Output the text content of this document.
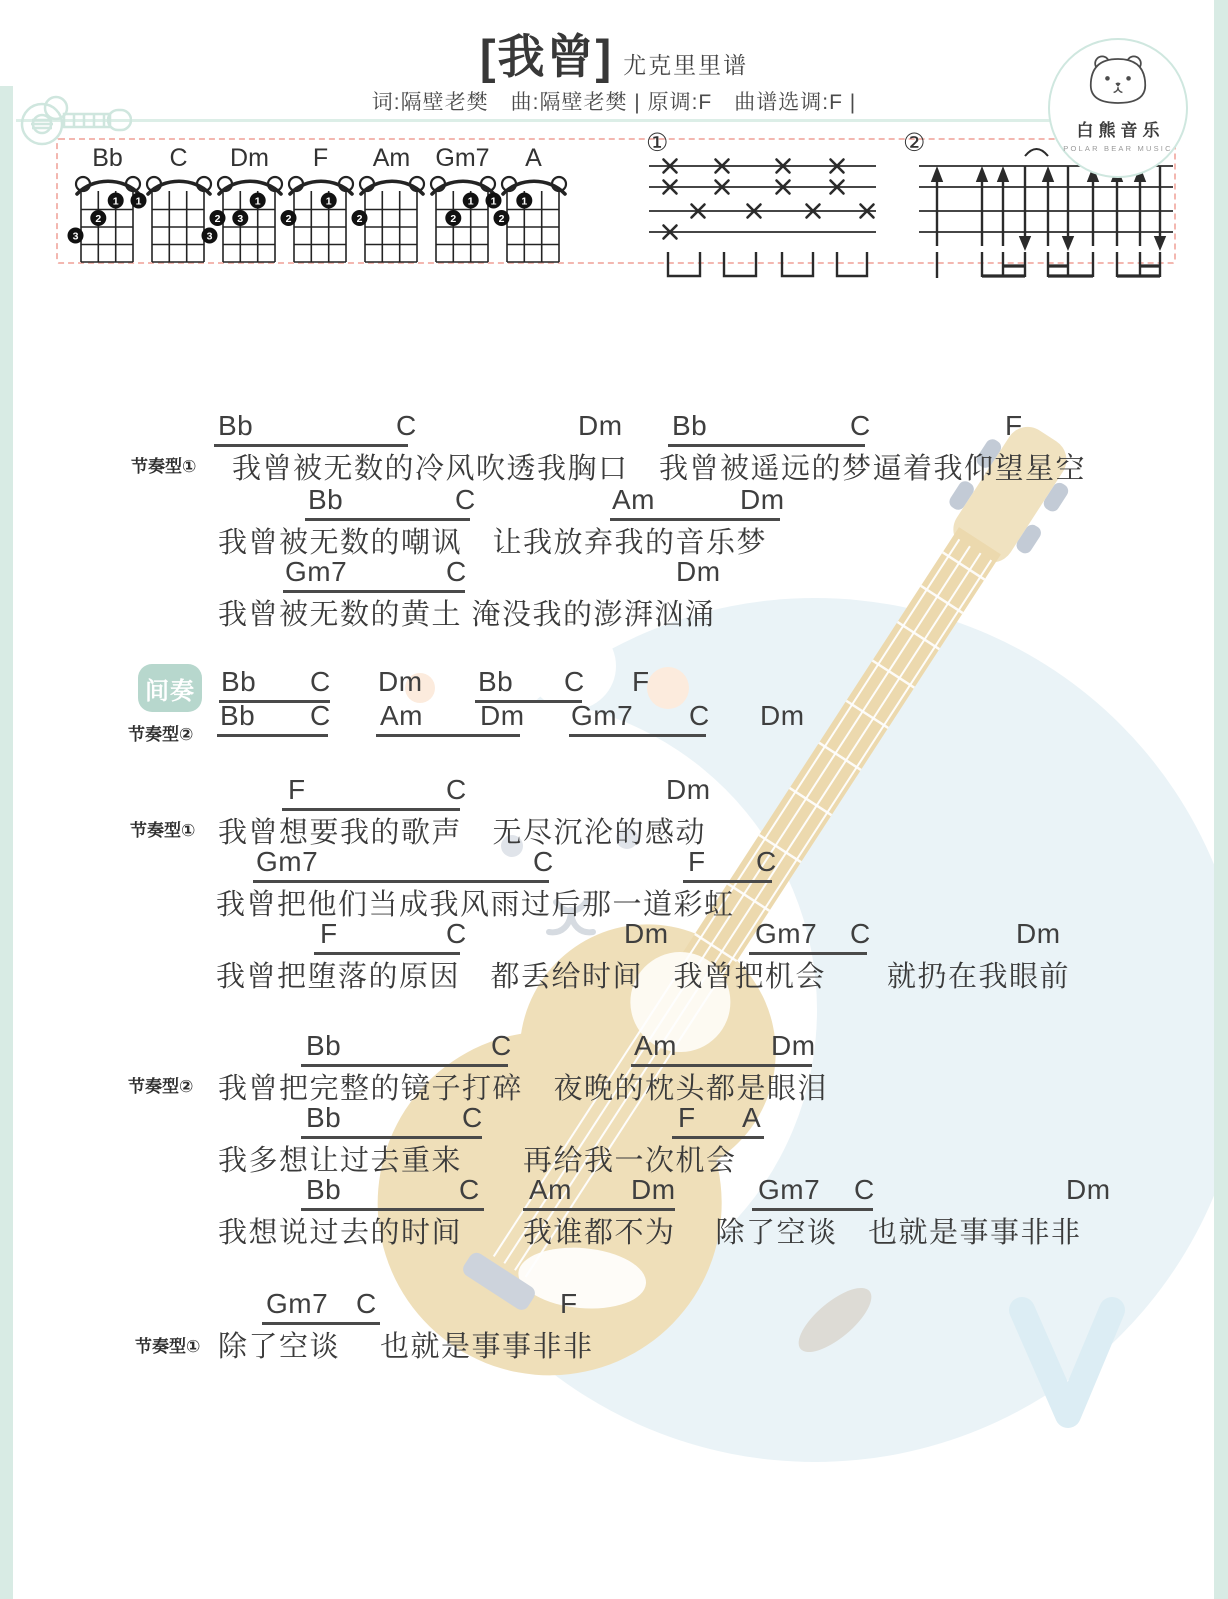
[我曾] 尤克里里谱
词:隔壁老樊　曲:隔壁老樊 | 原调:F　曲谱选调:F |
Bb
1 1
2
3
C
3
Dm
1
2 3
F
1
2
Am
2
Gm7
1 1
2
A
1
2
①	②	白熊音乐
POLAR BEAR MUSIC
节奏型①
Bb	C	Dm Bb	C	F
我曾被无数的冷风吹透我胸口　我曾被遥远的梦逼着我仰望星空
Bb	C	Am	Dm
我曾被无数的嘲讽　让我放弃我的音乐梦
Gm7	C	Dm
我曾被无数的黄土 淹没我的澎湃汹涌
间奏 Bb C Dm Bb C F
节奏型②
Bb C Am Dm Gm7 C Dm
节奏型①
F	C	Dm
我曾想要我的歌声　无尽沉沦的感动
Gm7	C	F C
我曾把他们当成我风雨过后那一道彩虹
F	C	Dm	Gm7 C	Dm
我曾把堕落的原因　都丢给时间　我曾把机会　　就扔在我眼前
节奏型②
Bb	C	Am	Dm
我曾把完整的镜子打碎　夜晚的枕头都是眼泪
Bb	C	F A
我多想让过去重来　　再给我一次机会
Bb	C Am Dm	Gm7 C	Dm
我想说过去的时间　　我谁都不为　 除了空谈　也就是事事非非
节奏型①
Gm7 C	F
除了空谈　 也就是事事非非
